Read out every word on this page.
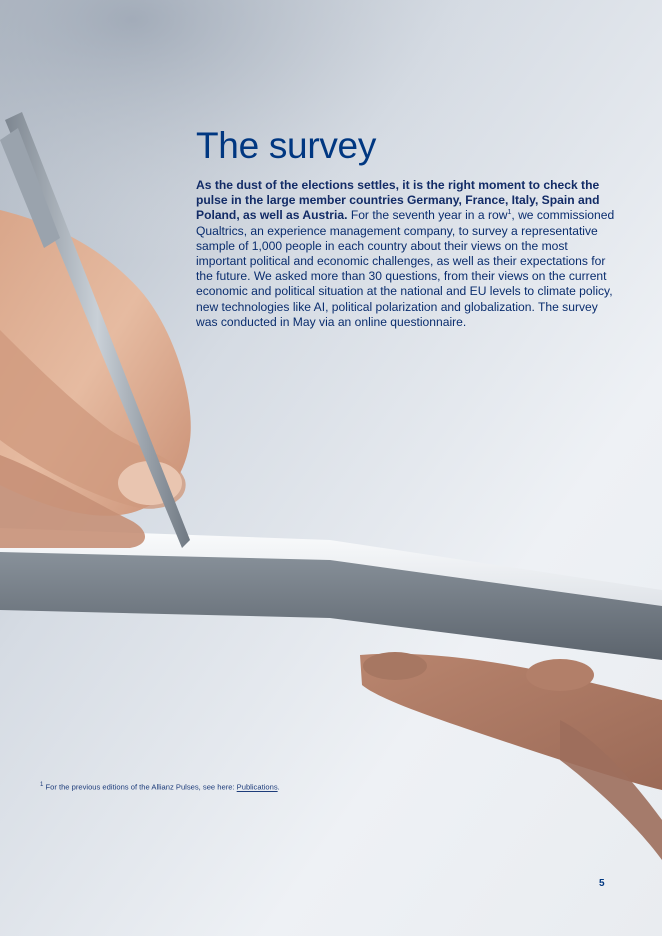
The survey

As the dust of the elections settles, it is the right moment to check the pulse in the large member countries Germany, France, Italy, Spain and Poland, as well as Austria. For the seventh year in a row$^1$, we commissioned Qualtrics, an experience management company, to survey a representative sample of 1,000 people in each country about their views on the most important political and economic challenges, as well as their expectations for the future. We asked more than 30 questions, from their views on the current economic and political situation at the national and EU levels to climate policy, new technologies like AI, political polarization and globalization. The survey was conducted in May via an online questionnaire.

$^1$ For the previous editions of the Allianz Pulses, see here: Publications.
5
